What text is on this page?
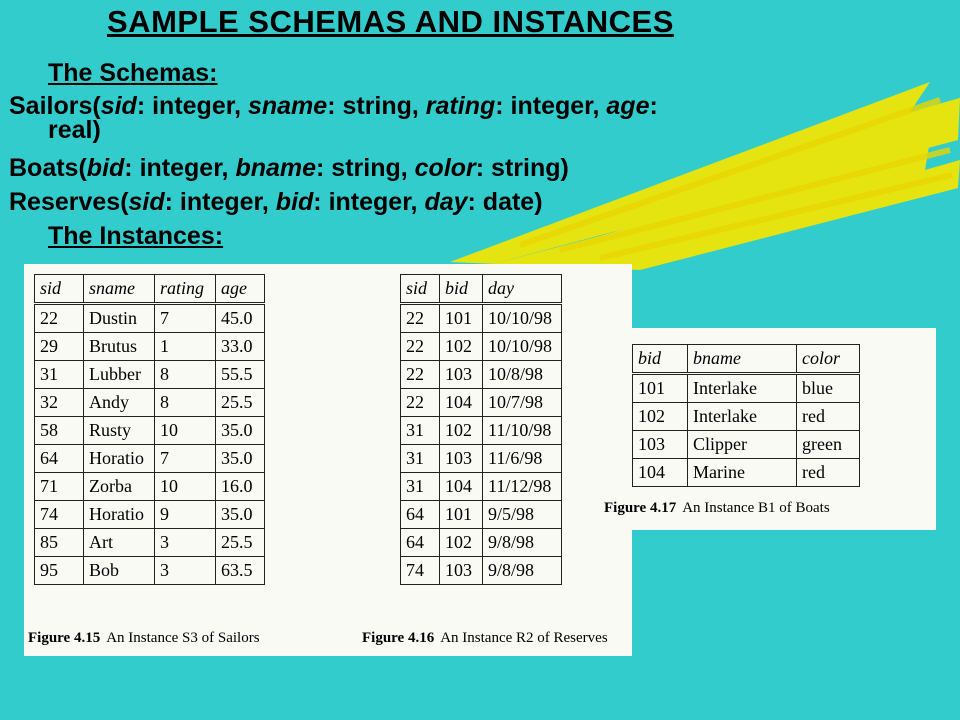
SAMPLE SCHEMAS AND INSTANCES
The Schemas:
Sailors(sid: integer, sname: string, rating: integer, age:
real)
Boats(bid: integer, bname: string, color: string)
Reserves(sid: integer, bid: integer, day: date)
The Instances:
sid	sname	rating	age
22	Dustin	7	45.0
29	Brutus	1	33.0
31	Lubber	8	55.5
32	Andy	8	25.5
58	Rusty	10	35.0
64	Horatio	7	35.0
71	Zorba	10	16.0
74	Horatio	9	35.0
85	Art	3	25.5
95	Bob	3	63.5
sid	bid	day
22	101	10/10/98
22	102	10/10/98
22	103	10/8/98
22	104	10/7/98
31	102	11/10/98
31	103	11/6/98
31	104	11/12/98
64	101	9/5/98
64	102	9/8/98
74	103	9/8/98
Figure 4.15 An Instance S3 of Sailors	Figure 4.16 An Instance R2 of Reserves
bid	bname	color
101	Interlake	blue
102	Interlake	red
103	Clipper	green
104	Marine	red
Figure 4.17 An Instance B1 of Boats
